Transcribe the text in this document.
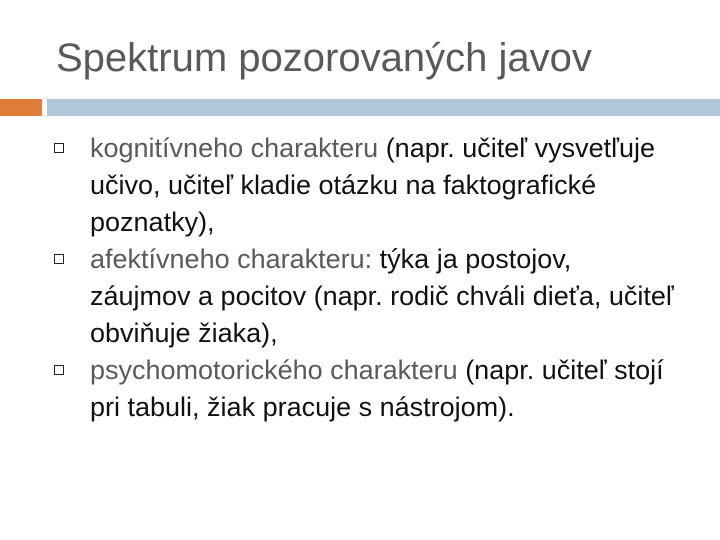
Spektrum pozorovaných javov
kognitívneho charakteru (napr. učiteľ vysvetľuje učivo, učiteľ kladie otázku na faktografické poznatky),
afektívneho charakteru: týka ja postojov, záujmov a pocitov (napr. rodič chváli dieťa, učiteľ obviňuje žiaka),
psychomotorického charakteru (napr. učiteľ stojí pri tabuli, žiak pracuje s nástrojom).
